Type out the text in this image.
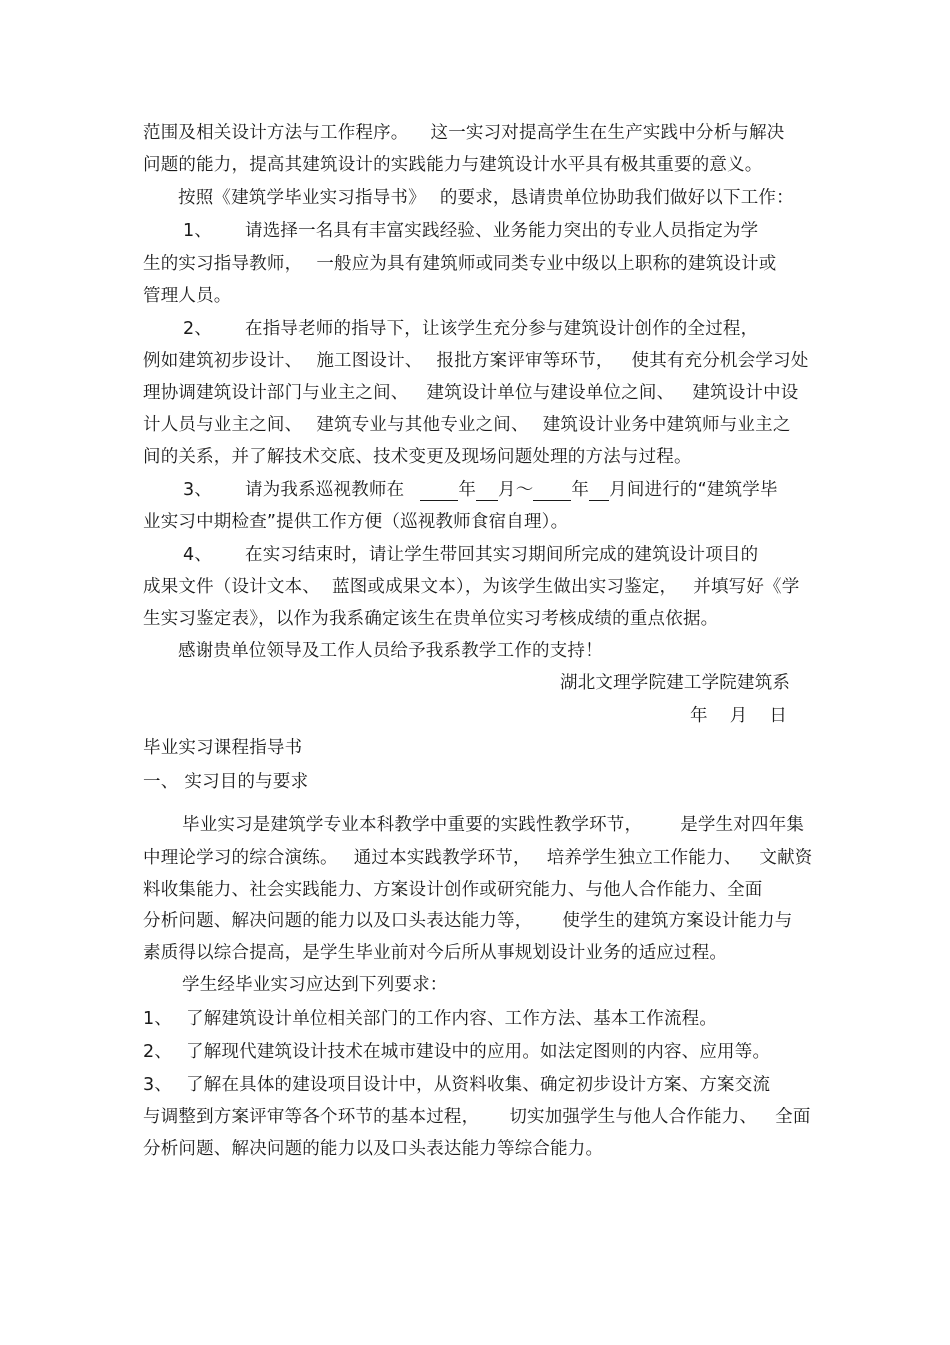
范围及相关设计方法与工作程序。 这一实习对提高学生在生产实践中分析与解决
问题的能力，提高其建筑设计的实践能力与建筑设计水平具有极其重要的意义。
按照《建筑学毕业实习指导书》 的要求，恳请贵单位协助我们做好以下工作：
1、 请选择一名具有丰富实践经验、业务能力突出的专业人员指定为学
生的实习指导教师， 一般应为具有建筑师或同类专业中级以上职称的建筑设计或
管理人员。
2、 在指导老师的指导下，让该学生充分参与建筑设计创作的全过程，
例如建筑初步设计、 施工图设计、 报批方案评审等环节， 使其有充分机会学习处
理协调建筑设计部门与业主之间、 建筑设计单位与建设单位之间、 建筑设计中设
计人员与业主之间、 建筑专业与其他专业之间、 建筑设计业务中建筑师与业主之
间的关系，并了解技术交底、技术变更及现场问题处理的方法与过程。
3、 请为我系巡视教师在	年 月～ 年 月间进行的“建筑学毕
业实习中期检查”提供工作方便（巡视教师食宿自理）。
4、 在实习结束时，请让学生带回其实习期间所完成的建筑设计项目的
成果文件（设计文本、 蓝图或成果文本），为该学生做出实习鉴定， 并填写好《学
生实习鉴定表》，以作为我系确定该生在贵单位实习考核成绩的重点依据。
感谢贵单位领导及工作人员给予我系教学工作的支持！
湖北文理学院建工学院建筑系
年 月 日
毕业实习课程指导书
一、 实习目的与要求
毕业实习是建筑学专业本科教学中重要的实践性教学环节， 是学生对四年集
中理论学习的综合演练。 通过本实践教学环节， 培养学生独立工作能力、 文献资
料收集能力、社会实践能力、方案设计创作或研究能力、与他人合作能力、全面
分析问题、解决问题的能力以及口头表达能力等， 使学生的建筑方案设计能力与
素质得以综合提高，是学生毕业前对今后所从事规划设计业务的适应过程。
学生经毕业实习应达到下列要求：
1、 了解建筑设计单位相关部门的工作内容、工作方法、基本工作流程。
2、 了解现代建筑设计技术在城市建设中的应用。如法定图则的内容、应用等。
3、 了解在具体的建设项目设计中，从资料收集、确定初步设计方案、方案交流
与调整到方案评审等各个环节的基本过程， 切实加强学生与他人合作能力、 全面
分析问题、解决问题的能力以及口头表达能力等综合能力。
